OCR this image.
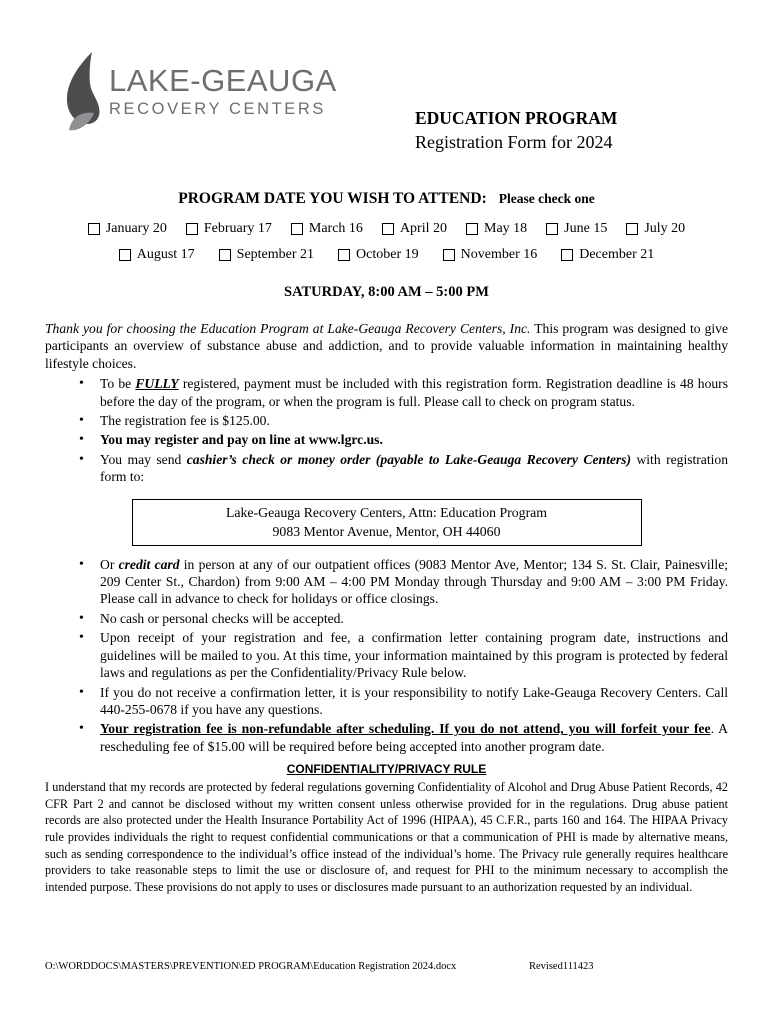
LAKE-GEAUGA
RECOVERY CENTERS	EDUCATION PROGRAM
Registration Form for 2024
PROGRAM DATE YOU WISH TO ATTEND: Please check one
January 20	February 17	March 16	April 20	May 18	June 15	July 20
August 17	September 21	October 19	November 16	December 21
SATURDAY, 8:00 AM – 5:00 PM

Thank you for choosing the Education Program at Lake-Geauga Recovery Centers, Inc. This program was designed to give participants an overview of substance abuse and addiction, and to provide valuable information in maintaining healthy lifestyle choices.

• To be FULLY registered, payment must be included with this registration form. Registration deadline is 48 hours before the day of the program, or when the program is full. Please call to check on program status.
• The registration fee is $125.00.
• You may register and pay on line at www.lgrc.us.
• You may send cashier’s check or money order (payable to Lake-Geauga Recovery Centers) with registration form to:
Lake-Geauga Recovery Centers, Attn: Education Program
9083 Mentor Avenue, Mentor, OH 44060
• Or credit card in person at any of our outpatient offices (9083 Mentor Ave, Mentor; 134 S. St. Clair, Painesville; 209 Center St., Chardon) from 9:00 AM – 4:00 PM Monday through Thursday and 9:00 AM – 3:00 PM Friday. Please call in advance to check for holidays or office closings.
• No cash or personal checks will be accepted.
• Upon receipt of your registration and fee, a confirmation letter containing program date, instructions and guidelines will be mailed to you. At this time, your information maintained by this program is protected by federal laws and regulations as per the Confidentiality/Privacy Rule below.
• If you do not receive a confirmation letter, it is your responsibility to notify Lake-Geauga Recovery Centers. Call 440-255-0678 if you have any questions.
• Your registration fee is non-refundable after scheduling. If you do not attend, you will forfeit your fee. A rescheduling fee of $15.00 will be required before being accepted into another program date.
CONFIDENTIALITY/PRIVACY RULE

I understand that my records are protected by federal regulations governing Confidentiality of Alcohol and Drug Abuse Patient Records, 42 CFR Part 2 and cannot be disclosed without my written consent unless otherwise provided for in the regulations. Drug abuse patient records are also protected under the Health Insurance Portability Act of 1996 (HIPAA), 45 C.F.R., parts 160 and 164. The HIPAA Privacy rule provides individuals the right to request confidential communications or that a communication of PHI is made by alternative means, such as sending correspondence to the individual’s office instead of the individual’s home. The Privacy rule generally requires healthcare providers to take reasonable steps to limit the use or disclosure of, and request for PHI to the minimum necessary to accomplish the intended purpose. These provisions do not apply to uses or disclosures made pursuant to an authorization requested by an individual.

O:\WORDDOCS\MASTERS\PREVENTION\ED PROGRAM\Education Registration 2024.docx	Revised111423
